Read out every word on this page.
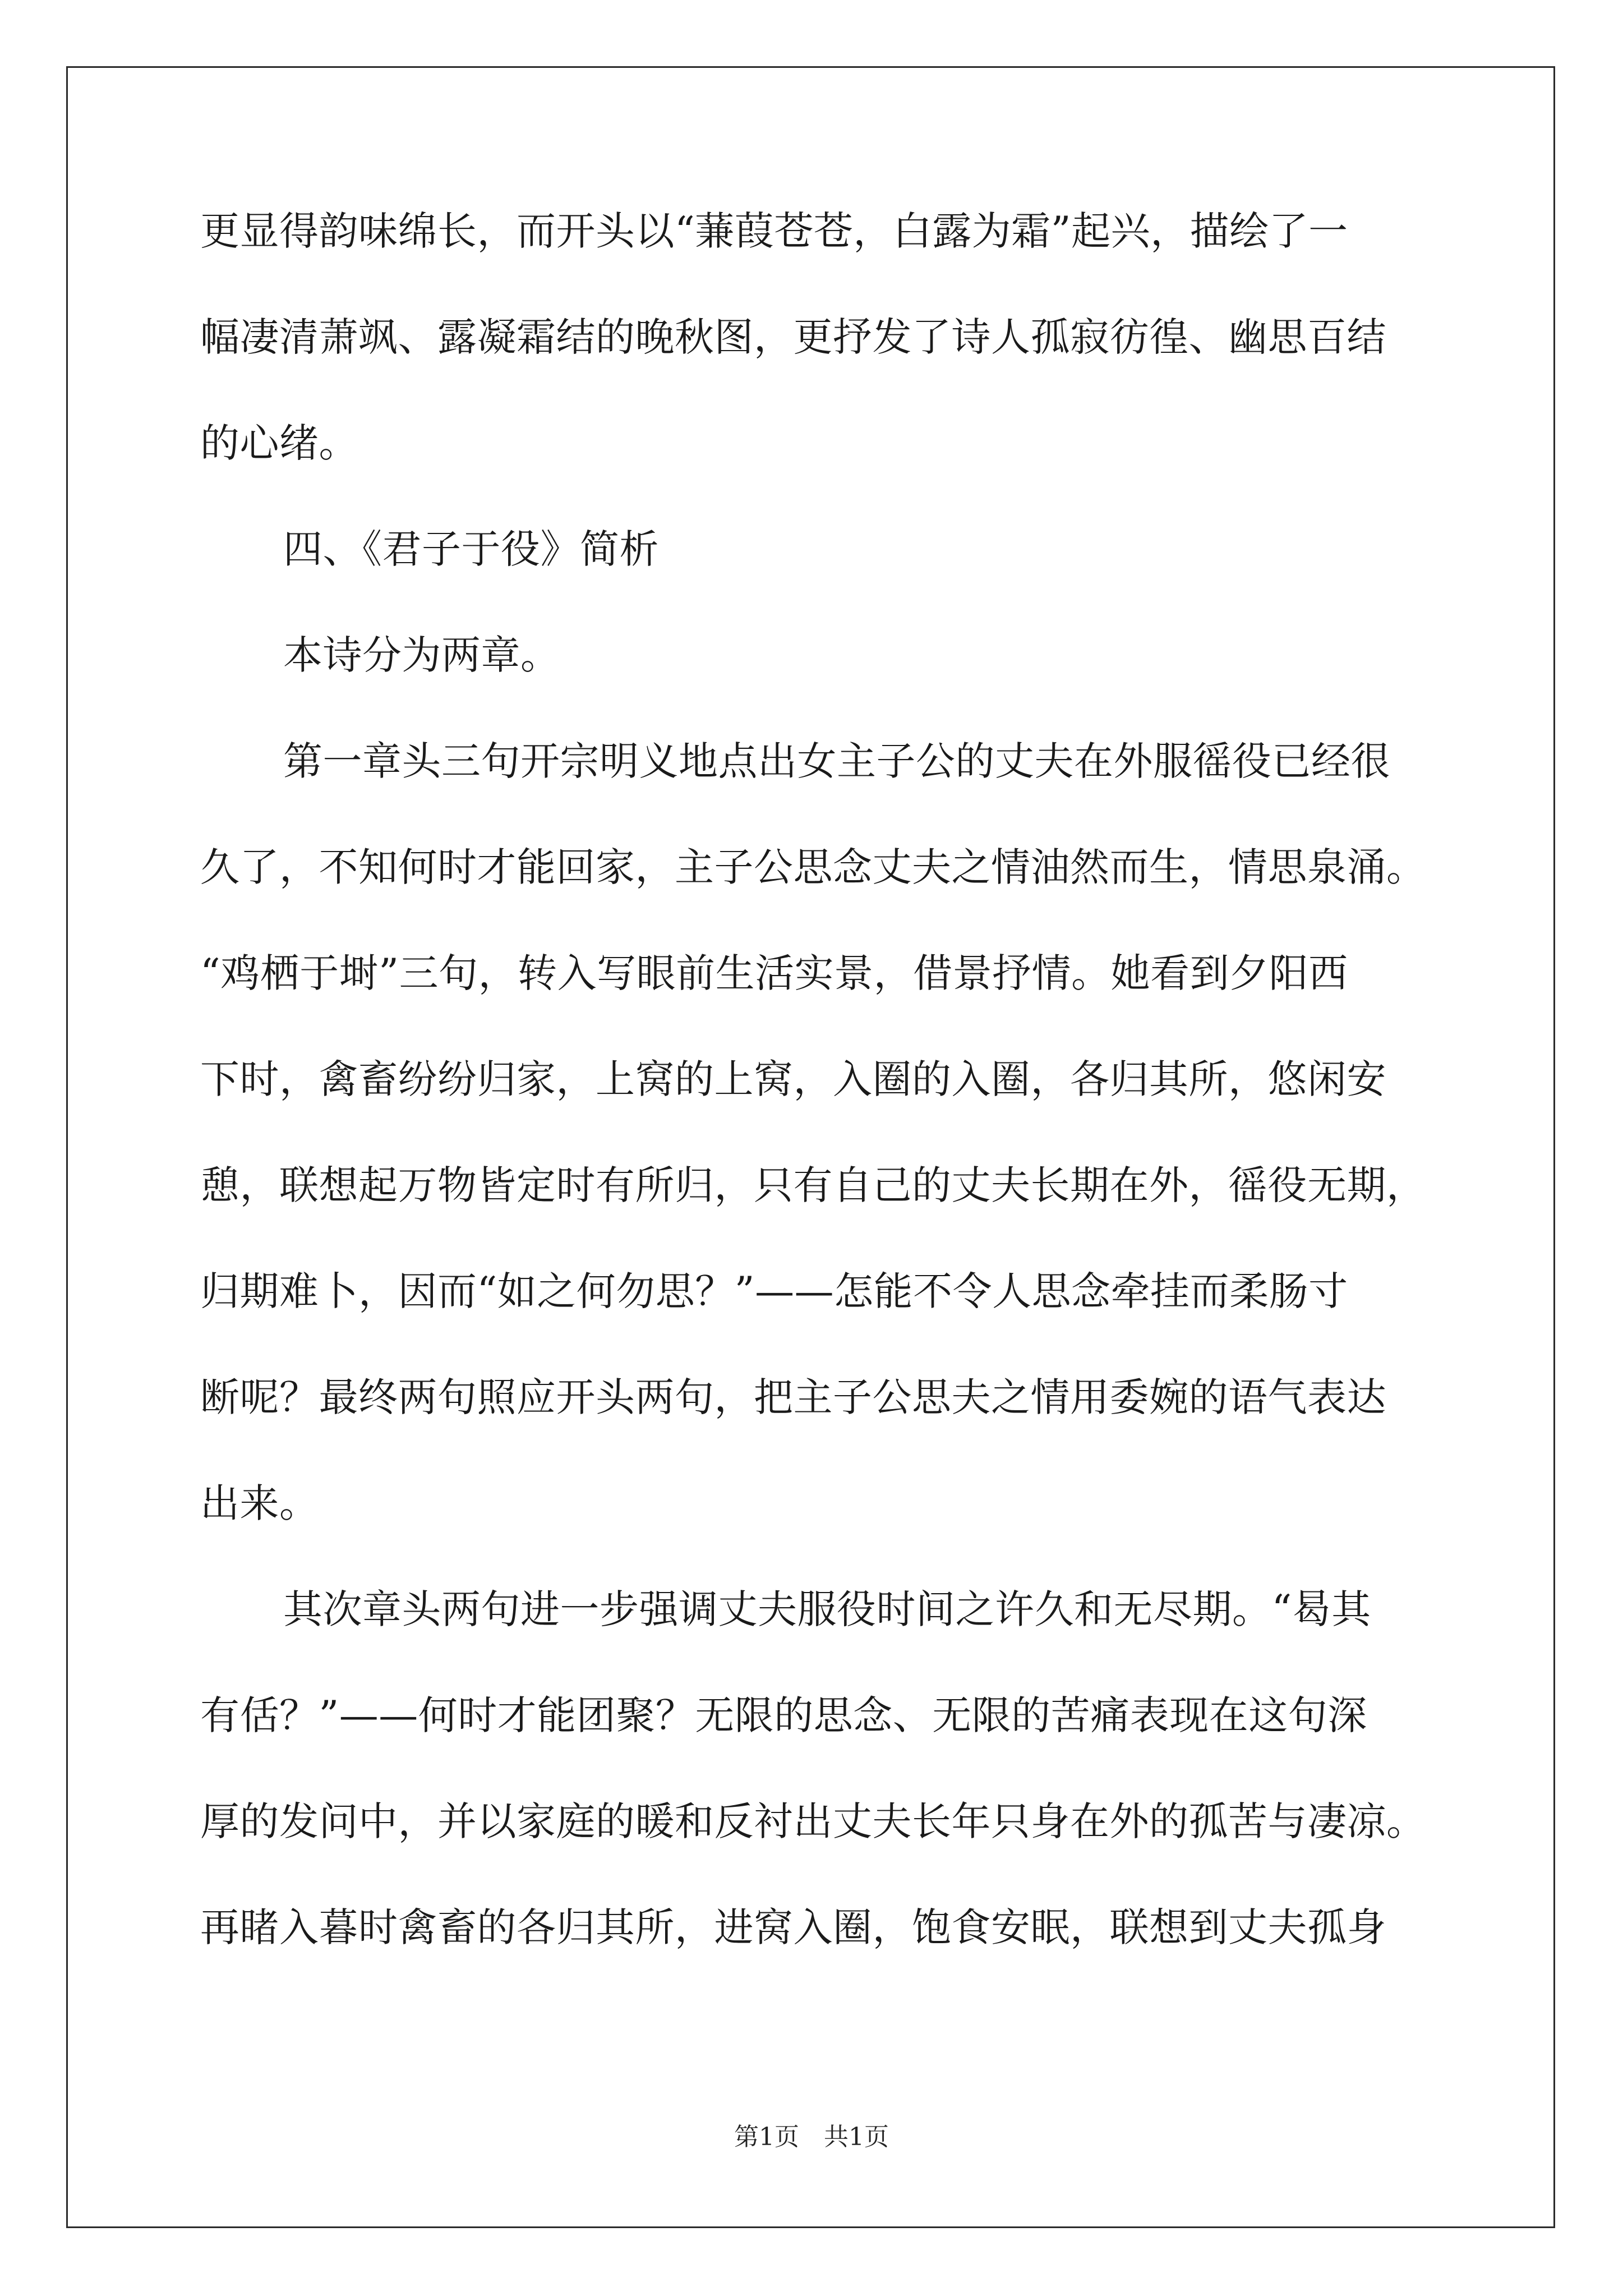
更显得韵味绵长，而开头以“蒹葭苍苍，白露为霜”起兴，描绘了一
幅凄清萧飒、露凝霜结的晚秋图，更抒发了诗人孤寂彷徨、幽思百结
的心绪。
四、《君子于役》简析
本诗分为两章。
第一章头三句开宗明义地点出女主子公的丈夫在外服徭役已经很
久了，不知何时才能回家，主子公思念丈夫之情油然而生，情思泉涌。
“鸡栖于埘”三句，转入写眼前生活实景，借景抒情。她看到夕阳西
下时，禽畜纷纷归家，上窝的上窝，入圈的入圈，各归其所，悠闲安
憩，联想起万物皆定时有所归，只有自己的丈夫长期在外，徭役无期，
归期难卜，因而“如之何勿思？”——怎能不令人思念牵挂而柔肠寸
断呢？最终两句照应开头两句，把主子公思夫之情用委婉的语气表达
出来。
其次章头两句进一步强调丈夫服役时间之许久和无尽期。“曷其
有佸？”——何时才能团聚？无限的思念、无限的苦痛表现在这句深
厚的发问中，并以家庭的暖和反衬出丈夫长年只身在外的孤苦与凄凉。
再睹入暮时禽畜的各归其所，进窝入圈，饱食安眠，联想到丈夫孤身
第1页　共1页
